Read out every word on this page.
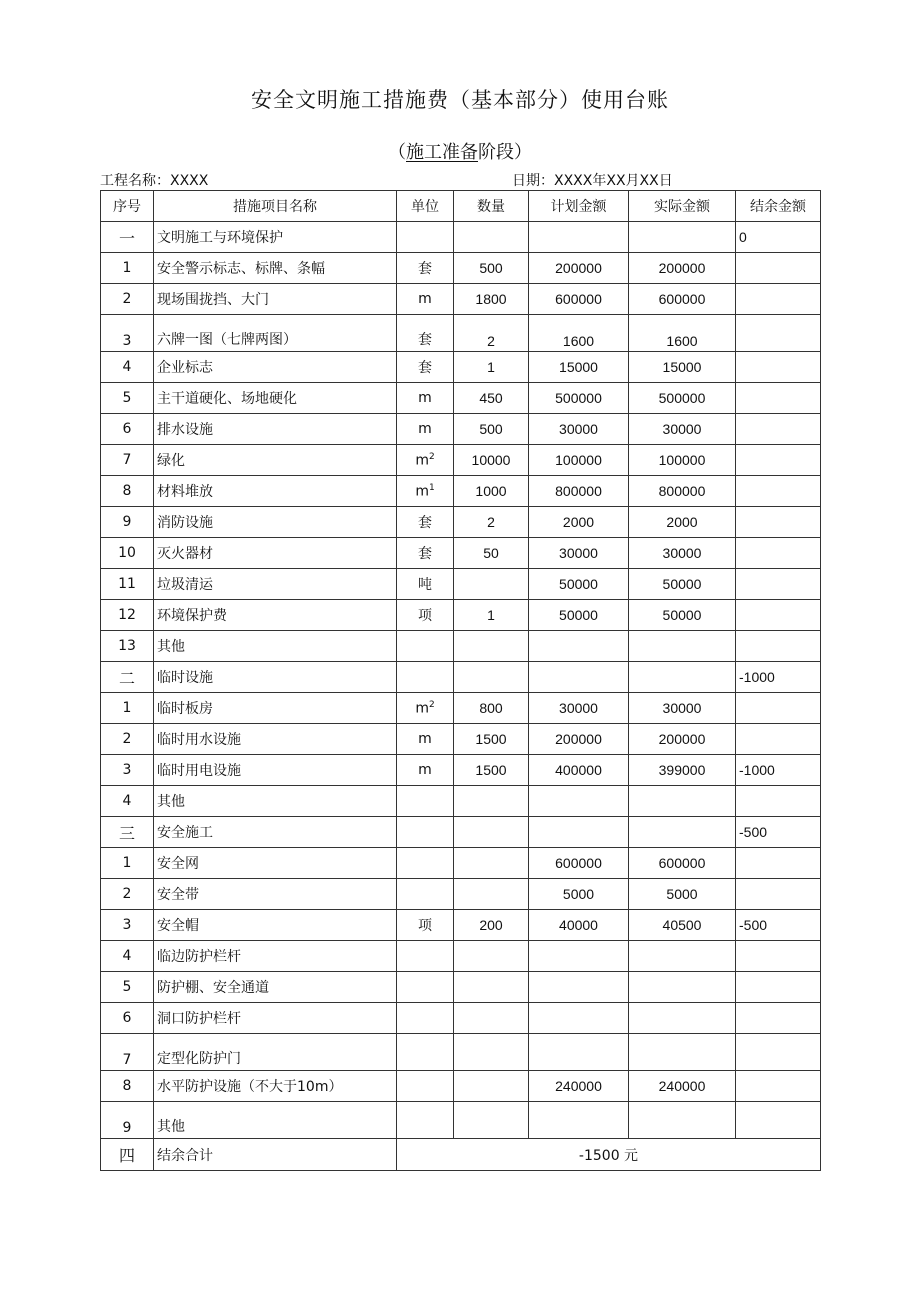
安全文明施工措施费（基本部分）使用台账
（施工准备阶段）
工程名称：XXXX	日期：XXXX年XX月XX日
序号	措施项目名称	单位	数量	计划金额	实际金额	结余金额
一	文明施工与环境保护					0
1	安全警示标志、标牌、条幅	套	500	200000	200000	
2	现场围拢挡、大门	m	1800	600000	600000	
3	六牌一图（七牌两图）	套	2	1600	1600	
4	企业标志	套	1	15000	15000	
5	主干道硬化、场地硬化	m	450	500000	500000	
6	排水设施	m	500	30000	30000	
7	绿化	$m^2$	10000	100000	100000	
8	材料堆放	$m^1$	1000	800000	800000	
9	消防设施	套	2	2000	2000	
10	灭火器材	套	50	30000	30000	
11	垃圾清运	吨		50000	50000	
12	环境保护费	项	1	50000	50000	
13	其他					
二	临时设施					-1000
1	临时板房	$m^2$	800	30000	30000	
2	临时用水设施	m	1500	200000	200000	
3	临时用电设施	m	1500	400000	399000	-1000
4	其他					
三	安全施工					-500
1	安全网			600000	600000	
2	安全带			5000	5000	
3	安全帽	项	200	40000	40500	-500
4	临边防护栏杆					
5	防护棚、安全通道					
6	洞口防护栏杆					
7	定型化防护门					
8	水平防护设施（不大于10m）			240000	240000	
9	其他					
四	结余合计	-1500 元				
